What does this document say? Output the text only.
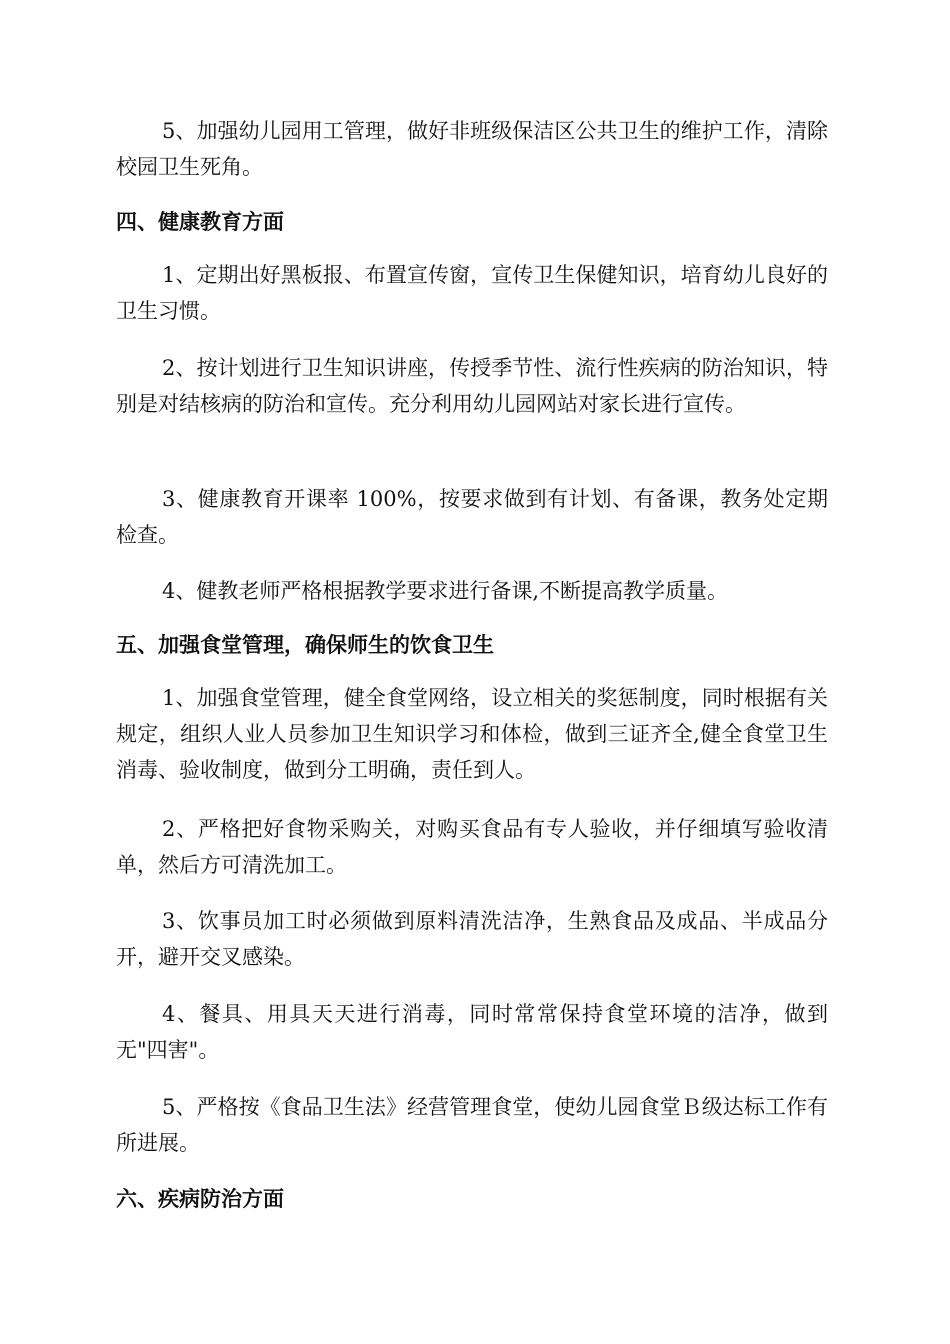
5、加强幼儿园用工管理，做好非班级保洁区公共卫生的维护工作，清除校园卫生死角。

四、健康教育方面

1、定期出好黑板报、布置宣传窗，宣传卫生保健知识，培育幼儿良好的卫生习惯。

2、按计划进行卫生知识讲座，传授季节性、流行性疾病的防治知识，特别是对结核病的防治和宣传。充分利用幼儿园网站对家长进行宣传。

3、健康教育开课率 100%，按要求做到有计划、有备课，教务处定期检查。

4、健教老师严格根据教学要求进行备课,不断提高教学质量。

五、加强食堂管理，确保师生的饮食卫生

1、加强食堂管理，健全食堂网络，设立相关的奖惩制度，同时根据有关规定，组织人业人员参加卫生知识学习和体检，做到三证齐全,健全食堂卫生消毒、验收制度，做到分工明确，责任到人。

2、严格把好食物采购关，对购买食品有专人验收，并仔细填写验收清单，然后方可清洗加工。

3、饮事员加工时必须做到原料清洗洁净，生熟食品及成品、半成品分开，避开交叉感染。

4、餐具、用具天天进行消毒，同时常常保持食堂环境的洁净，做到无"四害"。

5、严格按《食品卫生法》经营管理食堂，使幼儿园食堂Ｂ级达标工作有所进展。

六、疾病防治方面
